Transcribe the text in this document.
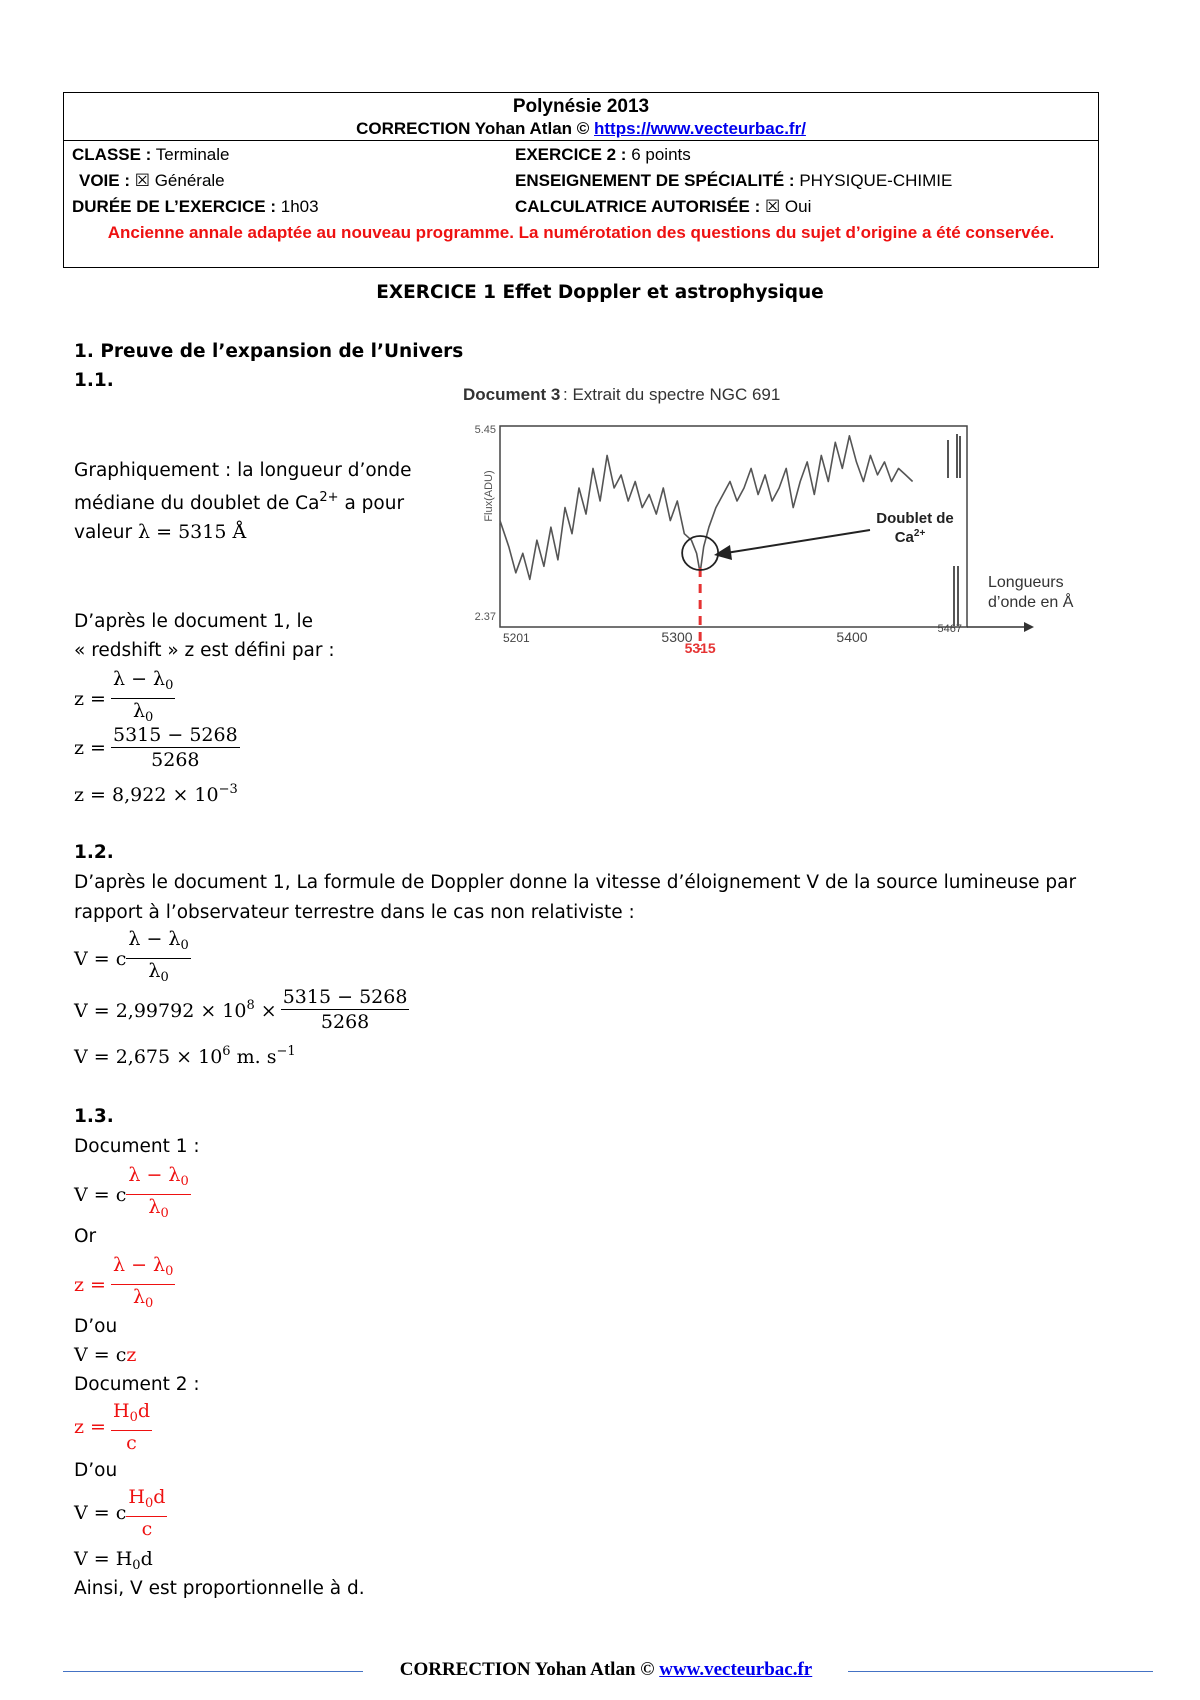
Polynésie 2013
CORRECTION Yohan Atlan © https://www.vecteurbac.fr/
CLASSE : Terminale	EXERCICE 2 : 6 points
VOIE : ☒ Générale	ENSEIGNEMENT DE SPÉCIALITÉ : PHYSIQUE-CHIMIE
DURÉE DE L’EXERCICE : 1h03	CALCULATRICE AUTORISÉE : ☒ Oui
Ancienne annale adaptée au nouveau programme. La numérotation des questions du sujet d’origine a été conservée.
EXERCICE 1 Effet Doppler et astrophysique
1. Preuve de l’expansion de l’Univers
1.1.
Graphiquement : la longueur d’onde
médiane du doublet de $Ca^{2+}$ a pour
valeur λ = 5315 Å
D’après le document 1, le
« redshift » z est défini par :
$z = \frac{\lambda - \lambda_0}{\lambda_0}$
$z = \frac{5315 - 5268}{5268}$
$z = 8,922 \times 10^{-3}$
1.2.
D’après le document 1, La formule de Doppler donne la vitesse d’éloignement V de la source lumineuse par
rapport à l’observateur terrestre dans le cas non relativiste :
V = c $\frac{\lambda - \lambda_0}{\lambda_0}$
$V = 2,99792 \times 10^8 \times \frac{5315 - 5268}{5268}$
$V = 2,675 \times 10^6$ m. $s^{-1}$
1.3.
Document 1 :
V = c $\frac{\lambda - \lambda_0}{\lambda_0}$
Or
$z = \frac{\lambda - \lambda_0}{\lambda_0}$
D’ou
V = cz
Document 2 :
$z = \frac{H_0d}{c}$
D’ou
V = c $\frac{H_0d}{c}$
$V = H_0d$
Ainsi, V est proportionnelle à d.
Document 3 : Extrait du spectre NGC 691
Flux(ADU)
5.45
2.37
5201	5300	5400	5467
5315
Doublet de
$Ca^{2+}$
Longueurs
d’onde en Å
CORRECTION Yohan Atlan © www.vecteurbac.fr
